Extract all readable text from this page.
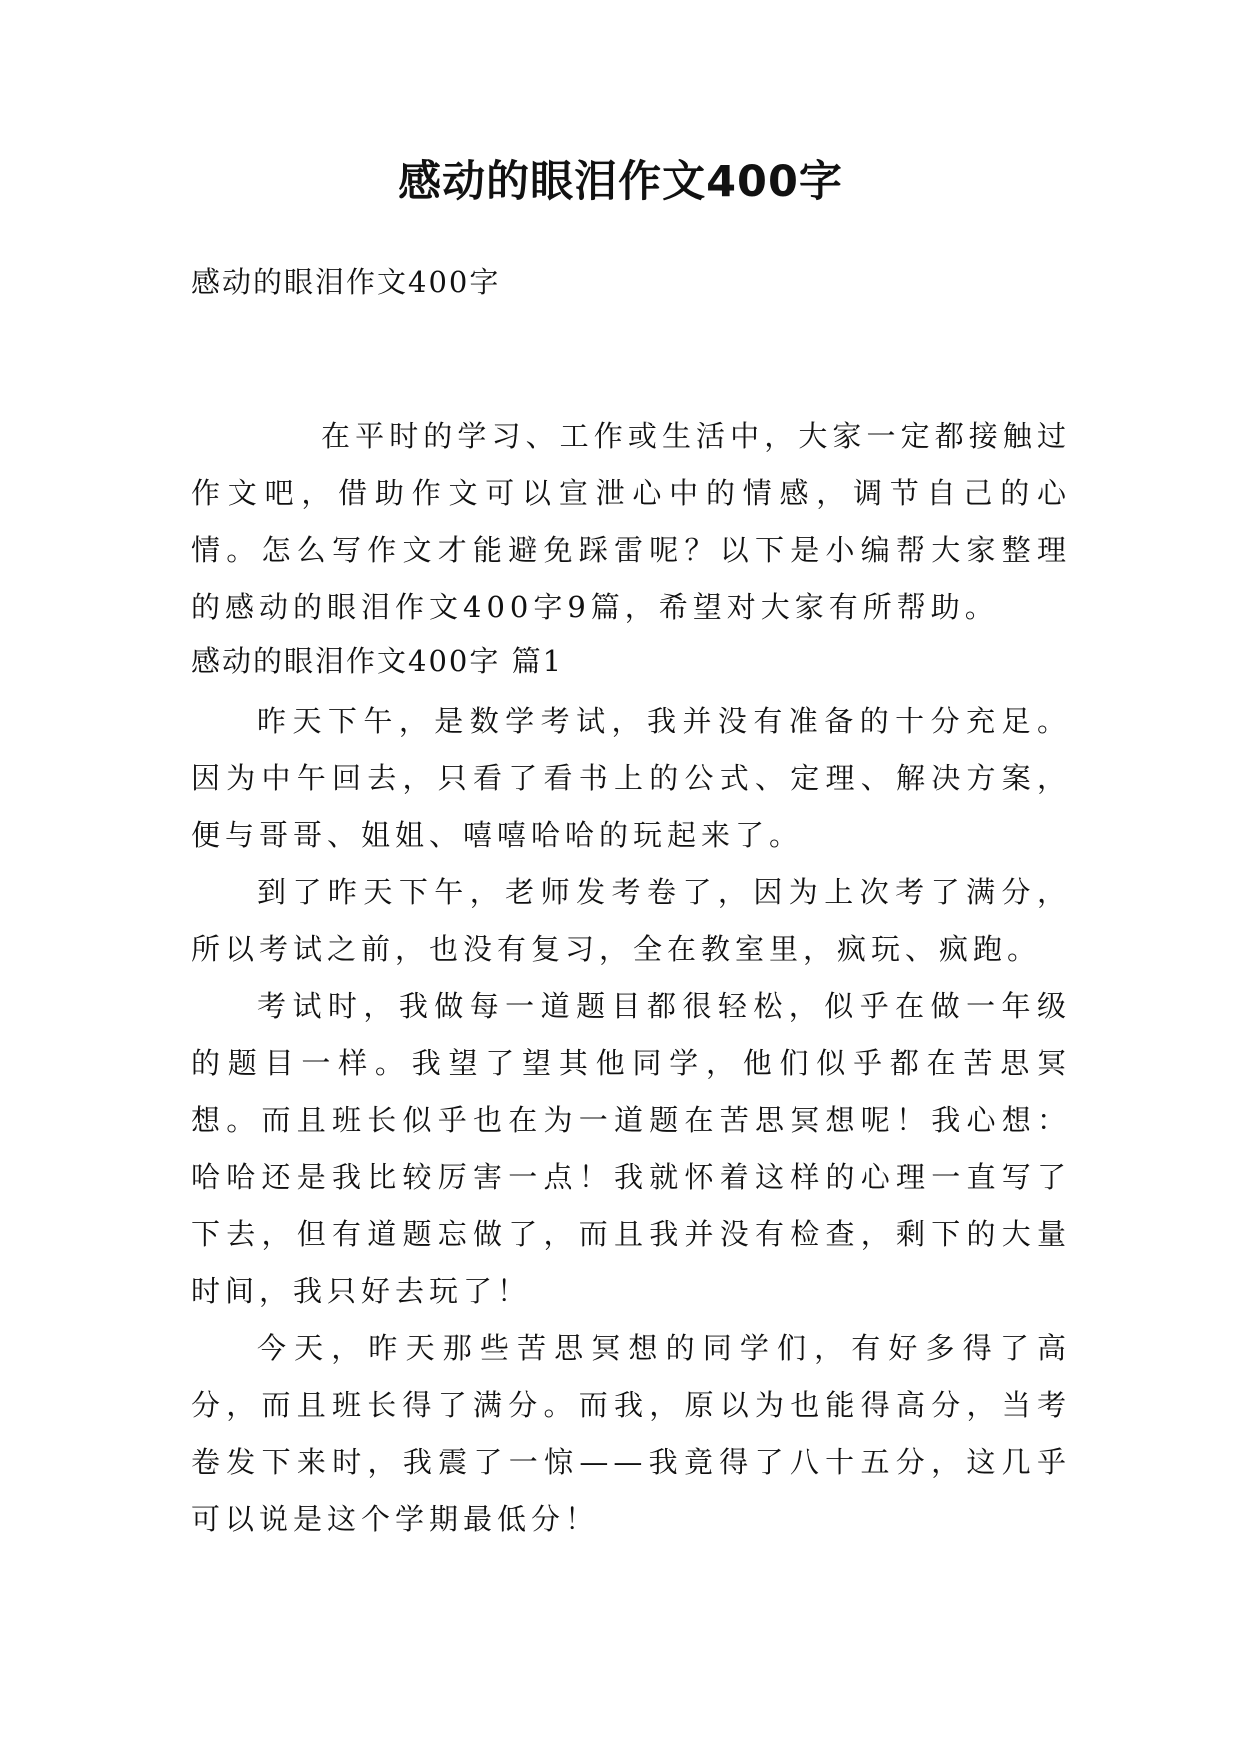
感动的眼泪作文400字
感动的眼泪作文400字

在平时的学习、工作或生活中，大家一定都接触过作文吧，借助作文可以宣泄心中的情感，调节自己的心情。怎么写作文才能避免踩雷呢？以下是小编帮大家整理的感动的眼泪作文400字9篇，希望对大家有所帮助。

感动的眼泪作文400字 篇1

昨天下午，是数学考试，我并没有准备的十分充足。因为中午回去，只看了看书上的公式、定理、解决方案，便与哥哥、姐姐、嘻嘻哈哈的玩起来了。

到了昨天下午，老师发考卷了，因为上次考了满分，所以考试之前，也没有复习，全在教室里，疯玩、疯跑。

考试时，我做每一道题目都很轻松，似乎在做一年级的题目一样。我望了望其他同学，他们似乎都在苦思冥想。而且班长似乎也在为一道题在苦思冥想呢！我心想：哈哈还是我比较厉害一点！我就怀着这样的心理一直写了下去，但有道题忘做了，而且我并没有检查，剩下的大量时间，我只好去玩了！

今天，昨天那些苦思冥想的同学们，有好多得了高分，而且班长得了满分。而我，原以为也能得高分，当考卷发下来时，我震了一惊——我竟得了八十五分，这几乎可以说是这个学期最低分！
